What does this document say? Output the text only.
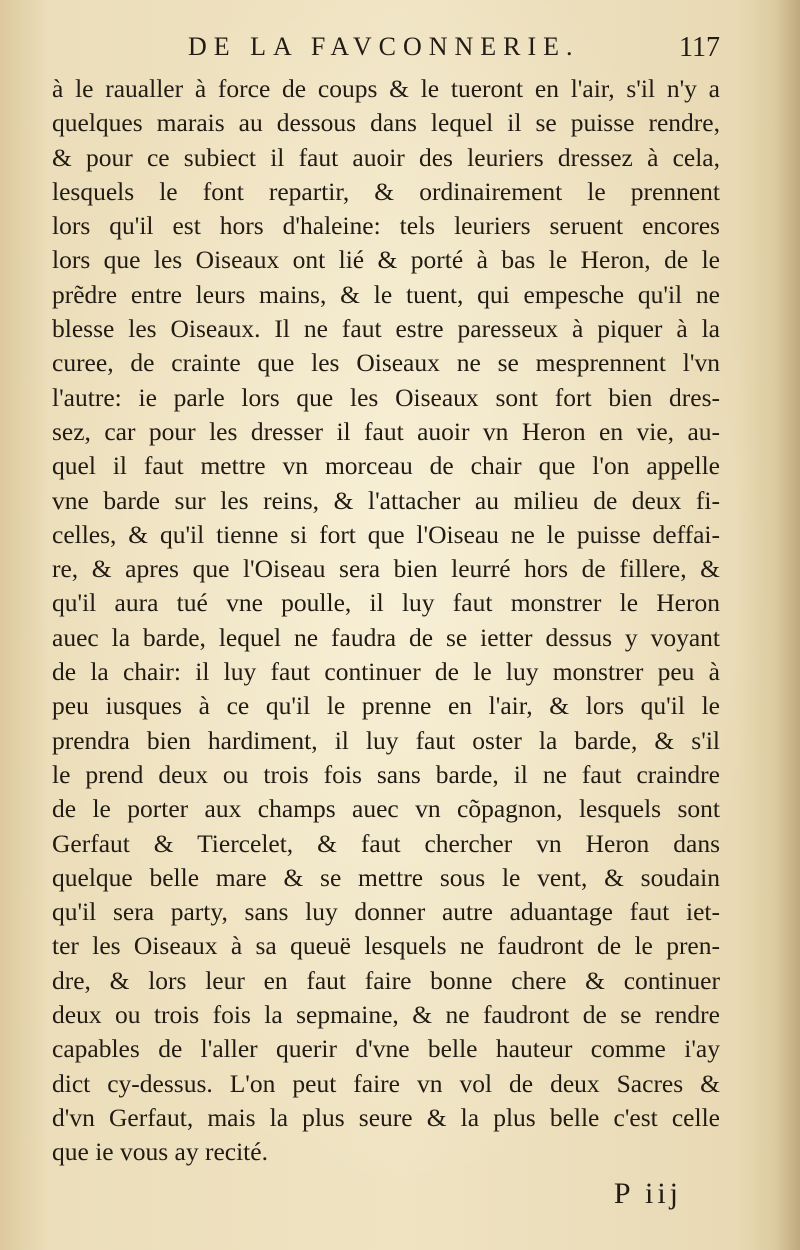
DE LA FAVCONNERIE.	117
à le raualler à force de coups & le tueront en l'air, s'il n'y a
quelques marais au dessous dans lequel il se puisse rendre,
& pour ce subiect il faut auoir des leuriers dressez à cela,
lesquels le font repartir, & ordinairement le prennent
lors qu'il est hors d'haleine: tels leuriers seruent encores
lors que les Oiseaux ont lié & porté à bas le Heron, de le
prẽdre entre leurs mains, & le tuent, qui empesche qu'il ne
blesse les Oiseaux. Il ne faut estre paresseux à piquer à la
curee, de crainte que les Oiseaux ne se mesprennent l'vn
l'autre: ie parle lors que les Oiseaux sont fort bien dres-
sez, car pour les dresser il faut auoir vn Heron en vie, au-
quel il faut mettre vn morceau de chair que l'on appelle
vne barde sur les reins, & l'attacher au milieu de deux fi-
celles, & qu'il tienne si fort que l'Oiseau ne le puisse deffai-
re, & apres que l'Oiseau sera bien leurré hors de fillere, &
qu'il aura tué vne poulle, il luy faut monstrer le Heron
auec la barde, lequel ne faudra de se ietter dessus y voyant
de la chair: il luy faut continuer de le luy monstrer peu à
peu iusques à ce qu'il le prenne en l'air, & lors qu'il le
prendra bien hardiment, il luy faut oster la barde, & s'il
le prend deux ou trois fois sans barde, il ne faut craindre
de le porter aux champs auec vn cõpagnon, lesquels sont
Gerfaut & Tiercelet, & faut chercher vn Heron dans
quelque belle mare & se mettre sous le vent, & soudain
qu'il sera party, sans luy donner autre aduantage faut iet-
ter les Oiseaux à sa queuë lesquels ne faudront de le pren-
dre, & lors leur en faut faire bonne chere & continuer
deux ou trois fois la sepmaine, & ne faudront de se rendre
capables de l'aller querir d'vne belle hauteur comme i'ay
dict cy-dessus. L'on peut faire vn vol de deux Sacres &
d'vn Gerfaut, mais la plus seure & la plus belle c'est celle
que ie vous ay recité.
P iij
